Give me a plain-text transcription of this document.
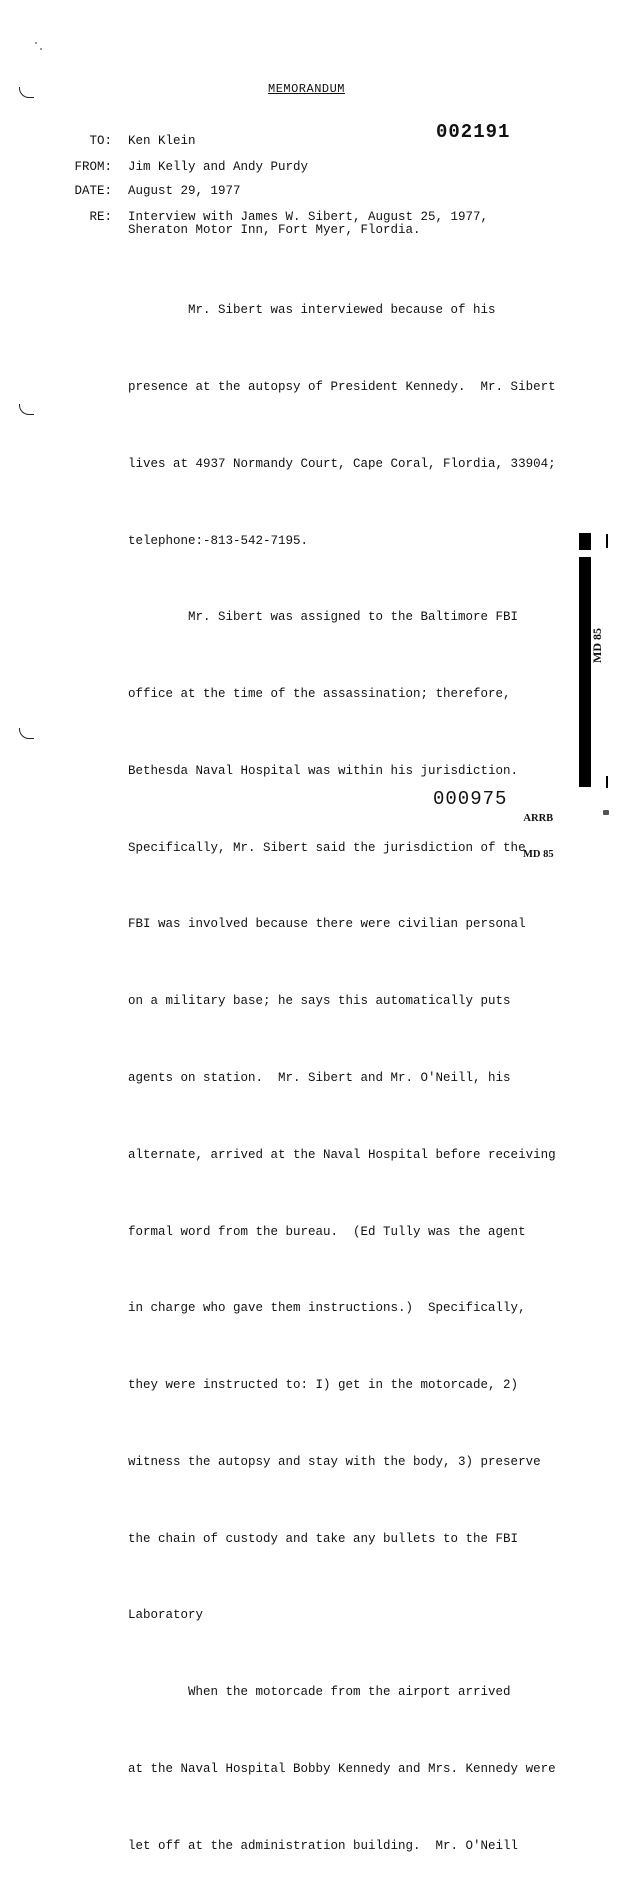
MEMORANDUM
002191
TO: Ken Klein
FROM: Jim Kelly and Andy Purdy
DATE: August 29, 1977
RE: Interview with James W. Sibert, August 25, 1977,
Sheraton Motor Inn, Fort Myer, Flordia.

Mr. Sibert was interviewed because of his

presence at the autopsy of President Kennedy.  Mr. Sibert

lives at 4937 Normandy Court, Cape Coral, Flordia, 33904;

telephone:-813-542-7195.

Mr. Sibert was assigned to the Baltimore FBI

office at the time of the assassination; therefore,

Bethesda Naval Hospital was within his jurisdiction.

Specifically, Mr. Sibert said the jurisdiction of the

FBI was involved because there were civilian personal

on a military base; he says this automatically puts

agents on station.  Mr. Sibert and Mr. O'Neill, his

alternate, arrived at the Naval Hospital before receiving

formal word from the bureau.  (Ed Tully was the agent

in charge who gave them instructions.)  Specifically,

they were instructed to: I) get in the motorcade, 2)

witness the autopsy and stay with the body, 3) preserve

the chain of custody and take any bullets to the FBI

Laboratory

When the motorcade from the airport arrived

at the Naval Hospital Bobby Kennedy and Mrs. Kennedy were

let off at the administration building.  Mr. O'Neill

MD 85
000975

ARRB

MD 85
